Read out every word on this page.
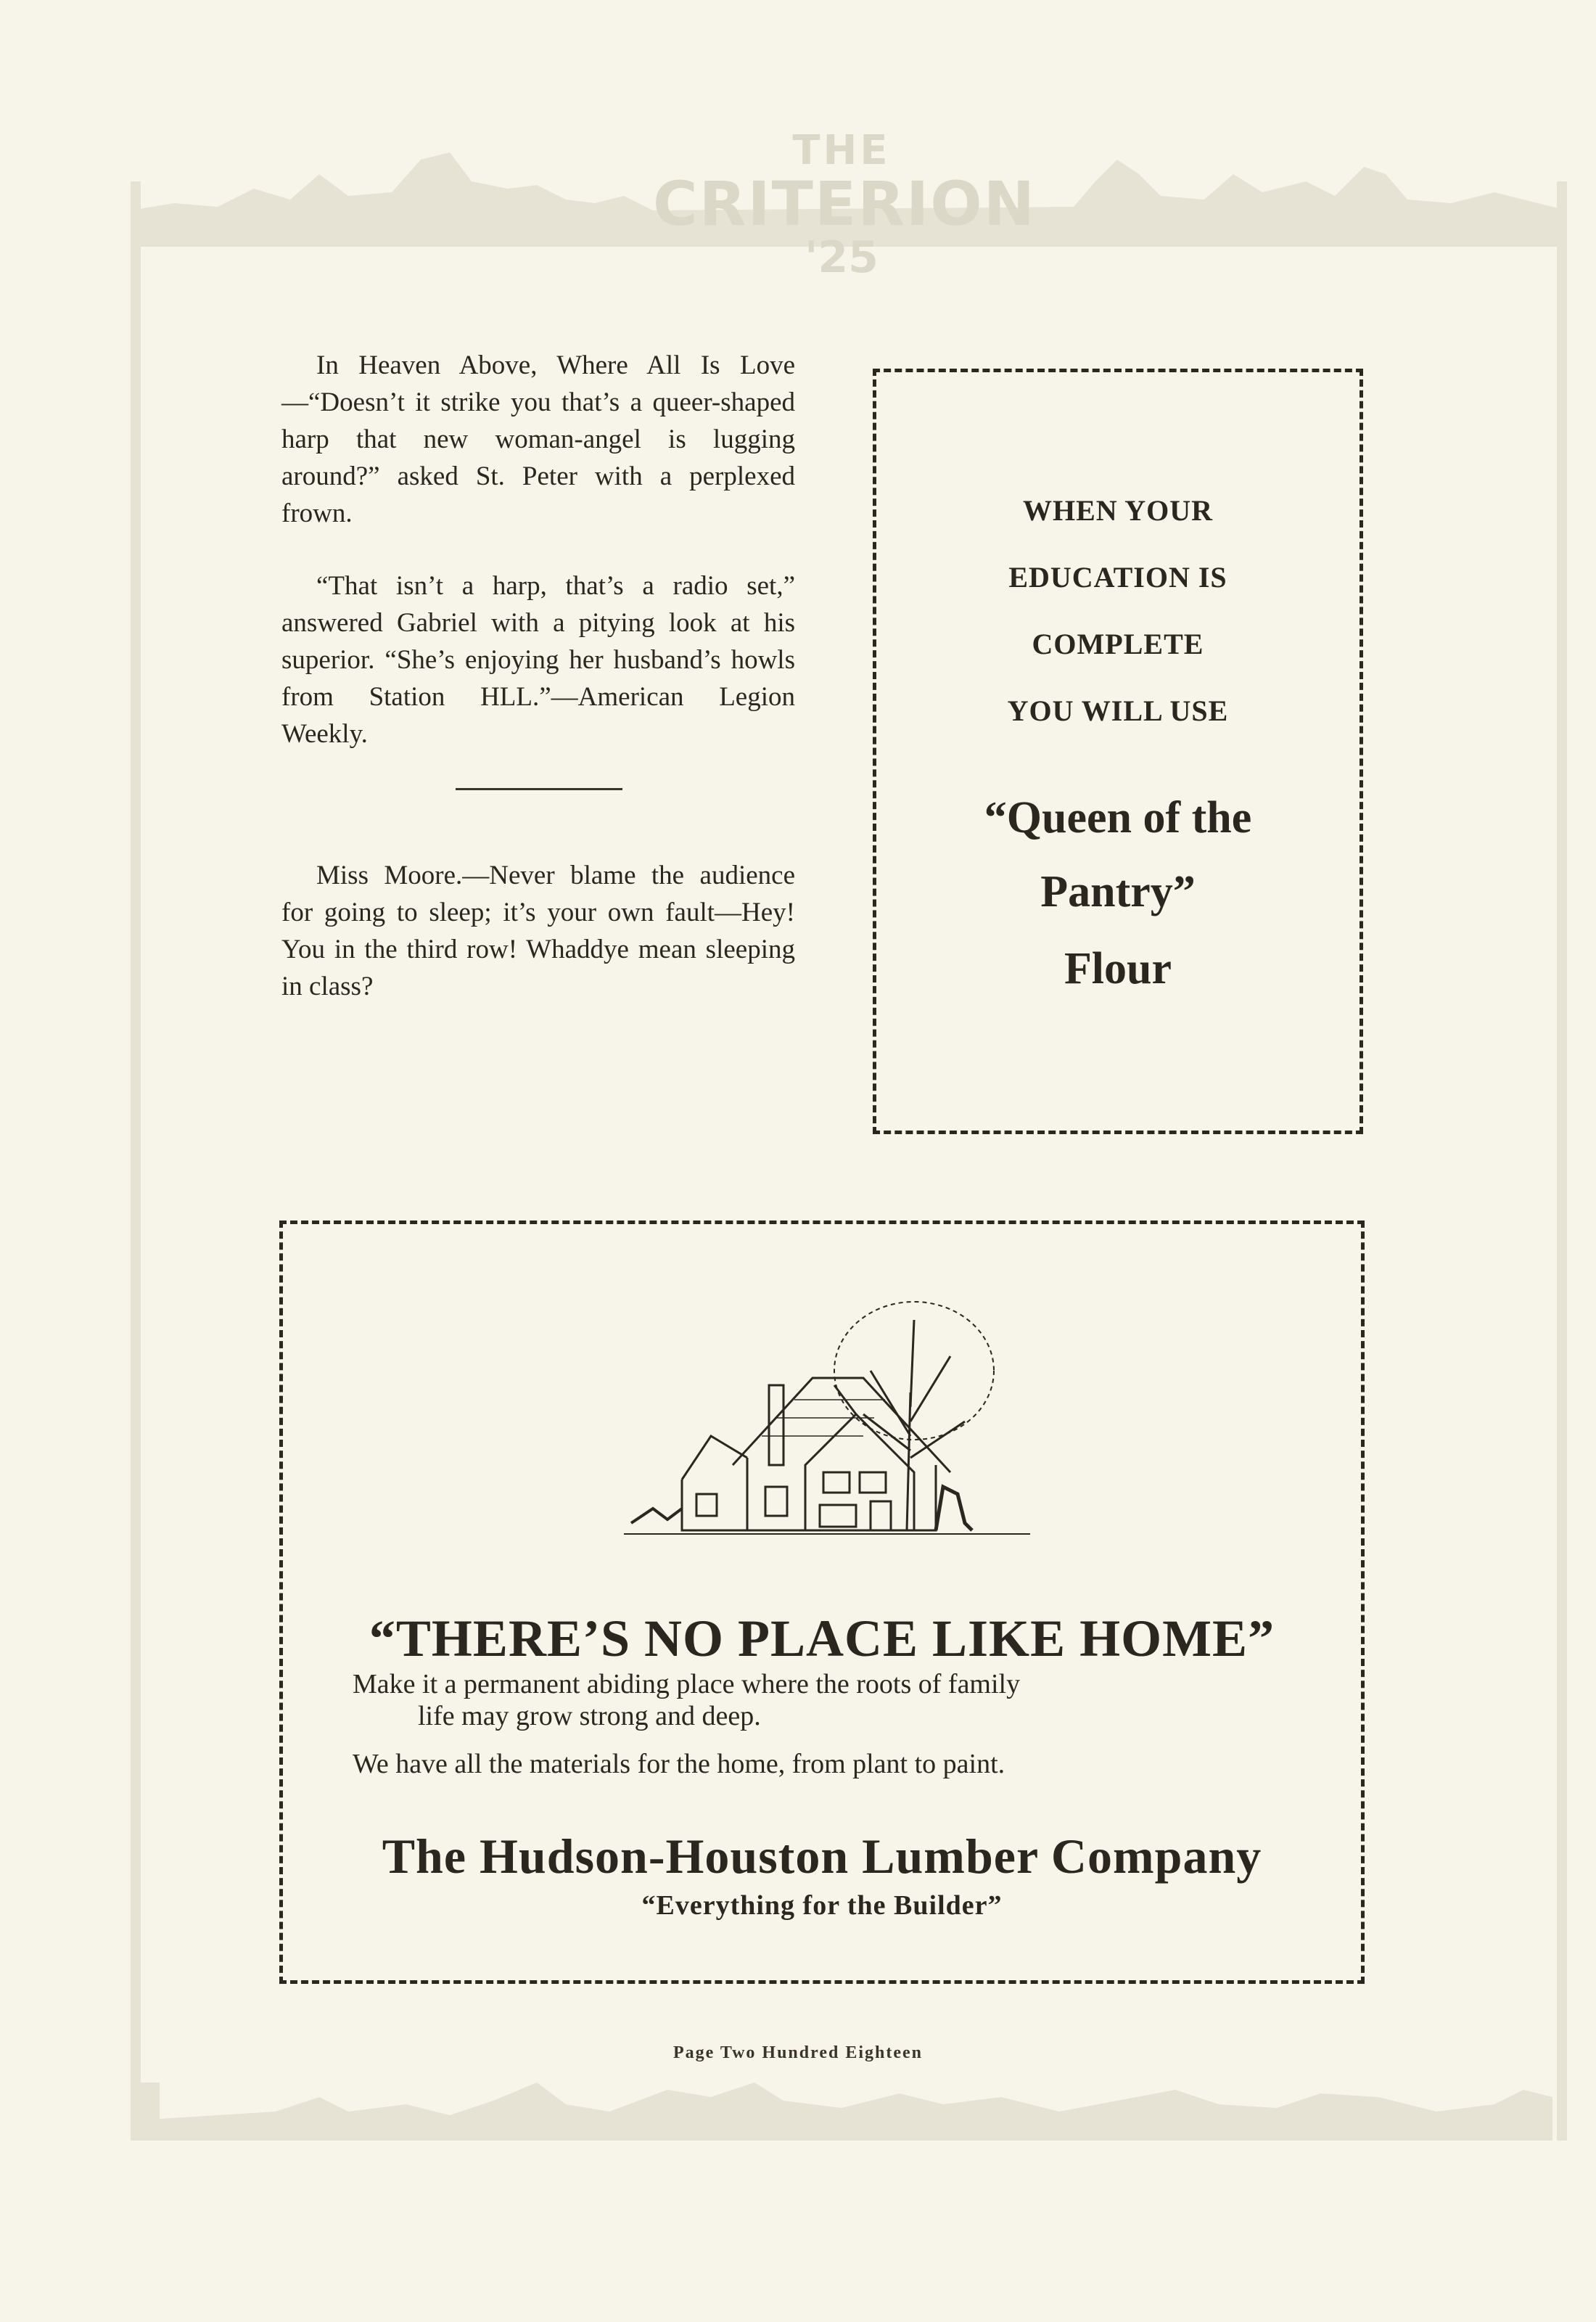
THE
CRITERION
'25

In Heaven Above, Where All Is Love—“Doesn’t it strike you that’s a queer-shaped harp that new woman-angel is lugging around?” asked St. Peter with a perplexed frown.

“That isn’t a harp, that’s a radio set,” answered Gabriel with a pitying look at his superior. “She’s enjoying her husband’s howls from Station HLL.”—American Legion Weekly.

Miss Moore.—Never blame the audience for going to sleep; it’s your own fault—Hey! You in the third row! Whaddye mean sleeping in class?

WHEN YOUR
EDUCATION IS
COMPLETE
YOU WILL USE
“Queen of the Pantry”
Flour
“THERE’S NO PLACE LIKE HOME”
Make it a permanent abiding place where the roots of family
life may grow strong and deep.
We have all the materials for the home, from plant to paint.
The Hudson-Houston Lumber Company
“Everything for the Builder”
Page Two Hundred Eighteen
